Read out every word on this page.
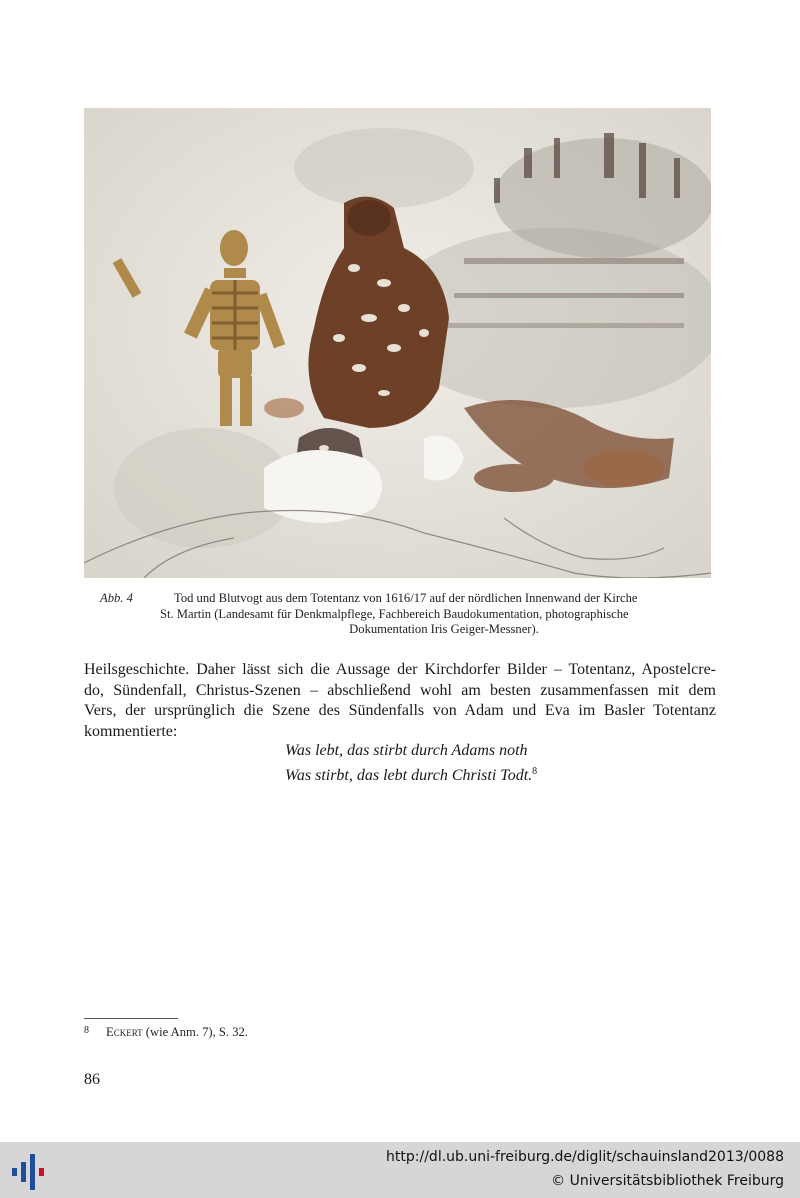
Abb. 4	Tod und Blutvogt aus dem Totentanz von 1616/17 auf der nördlichen Innenwand der Kirche
St. Martin (Landesamt für Denkmalpflege, Fachbereich Baudokumentation, photographische
Dokumentation Iris Geiger-Messner).
Heilsgeschichte. Daher lässt sich die Aussage der Kirchdorfer Bilder – Totentanz, Apostelcre-
do, Sündenfall, Christus-Szenen – abschließend wohl am besten zusammenfassen mit dem
Vers, der ursprünglich die Szene des Sündenfalls von Adam und Eva im Basler Totentanz
kommentierte:
Was lebt, das stirbt durch Adams noth
Was stirbt, das lebt durch Christi Todt.$^8$
8 Eckert (wie Anm. 7), S. 32.
86
http://dl.ub.uni-freiburg.de/diglit/schauinsland2013/0088
© Universitätsbibliothek Freiburg
